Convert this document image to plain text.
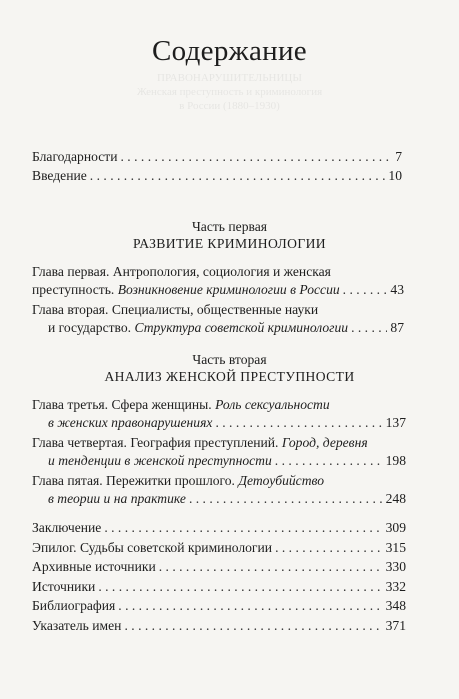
ПРАВОНАРУШИТЕЛЬНИЦЫ
Женская преступность и криминология
в России (1880–1930)
Содержание
Благодарности . . .	7
Введение . . .	10
Часть первая
РАЗВИТИЕ КРИМИНОЛОГИИ
Глава первая. Антропология, социология и женская
преступность. Возникновение криминологии в России . . .	43
Глава вторая. Специалисты, общественные науки
и государство. Структура советской криминологии . . .	87
Часть вторая
АНАЛИЗ ЖЕНСКОЙ ПРЕСТУПНОСТИ
Глава третья. Сфера женщины. Роль сексуальности
в женских правонарушениях . . .	137
Глава четвертая. География преступлений. Город, деревня
и тенденции в женской преступности . . .	198
Глава пятая. Пережитки прошлого. Детоубийство
в теории и на практике . . .	248
Заключение . . .	309
Эпилог. Судьбы советской криминологии . . .	315
Архивные источники . . .	330
Источники . . .	332
Библиография . . .	348
Указатель имен . . .	371
